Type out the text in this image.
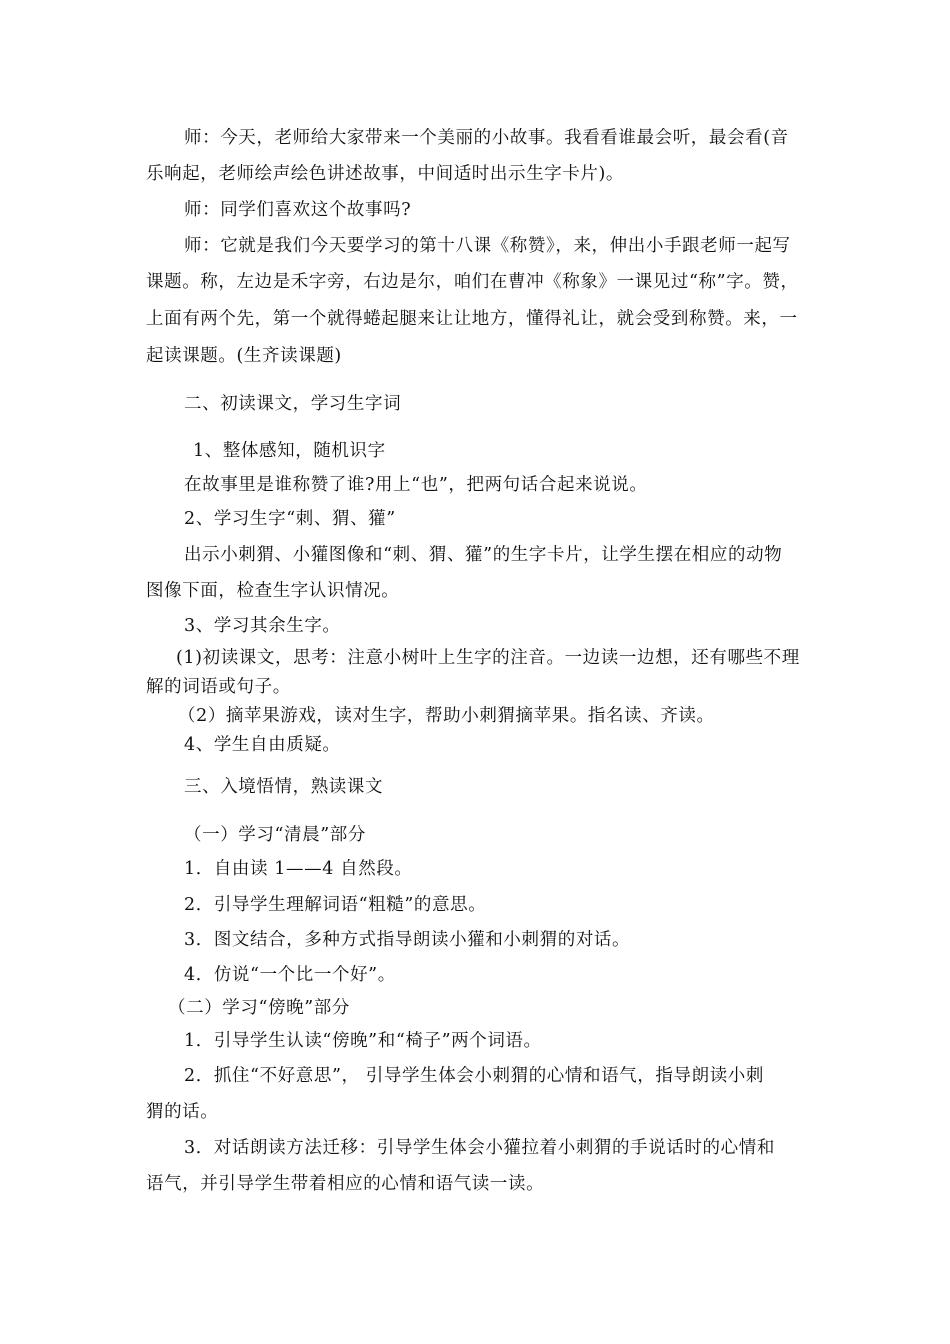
师：今天，老师给大家带来一个美丽的小故事。我看看谁最会听，最会看(音
乐响起，老师绘声绘色讲述故事，中间适时出示生字卡片)。
师：同学们喜欢这个故事吗?
师：它就是我们今天要学习的第十八课《称赞》，来，伸出小手跟老师一起写
课题。称，左边是禾字旁，右边是尔，咱们在曹冲《称象》一课见过“称”字。赞，
上面有两个先，第一个就得蜷起腿来让让地方，懂得礼让，就会受到称赞。来，一
起读课题。(生齐读课题)
二、初读课文，学习生字词
1、整体感知，随机识字
在故事里是谁称赞了谁?用上“也”，把两句话合起来说说。
2、学习生字“刺、猬、獾”
出示小刺猬、小獾图像和“刺、猬、獾”的生字卡片，让学生摆在相应的动物
图像下面，检查生字认识情况。
3、学习其余生字。
(1)初读课文，思考：注意小树叶上生字的注音。一边读一边想，还有哪些不理
解的词语或句子。
（2）摘苹果游戏，读对生字，帮助小刺猬摘苹果。指名读、齐读。
4、学生自由质疑。
三、入境悟情，熟读课文
（一）学习“清晨”部分
1．自由读 1——4 自然段。
2．引导学生理解词语“粗糙”的意思。
3．图文结合，多种方式指导朗读小獾和小刺猬的对话。
4．仿说“一个比一个好”。
（二）学习“傍晚”部分
1．引导学生认读“傍晚”和“椅子”两个词语。
2．抓住“不好意思”， 引导学生体会小刺猬的心情和语气，指导朗读小刺
猬的话。
3．对话朗读方法迁移：引导学生体会小獾拉着小刺猬的手说话时的心情和
语气，并引导学生带着相应的心情和语气读一读。
